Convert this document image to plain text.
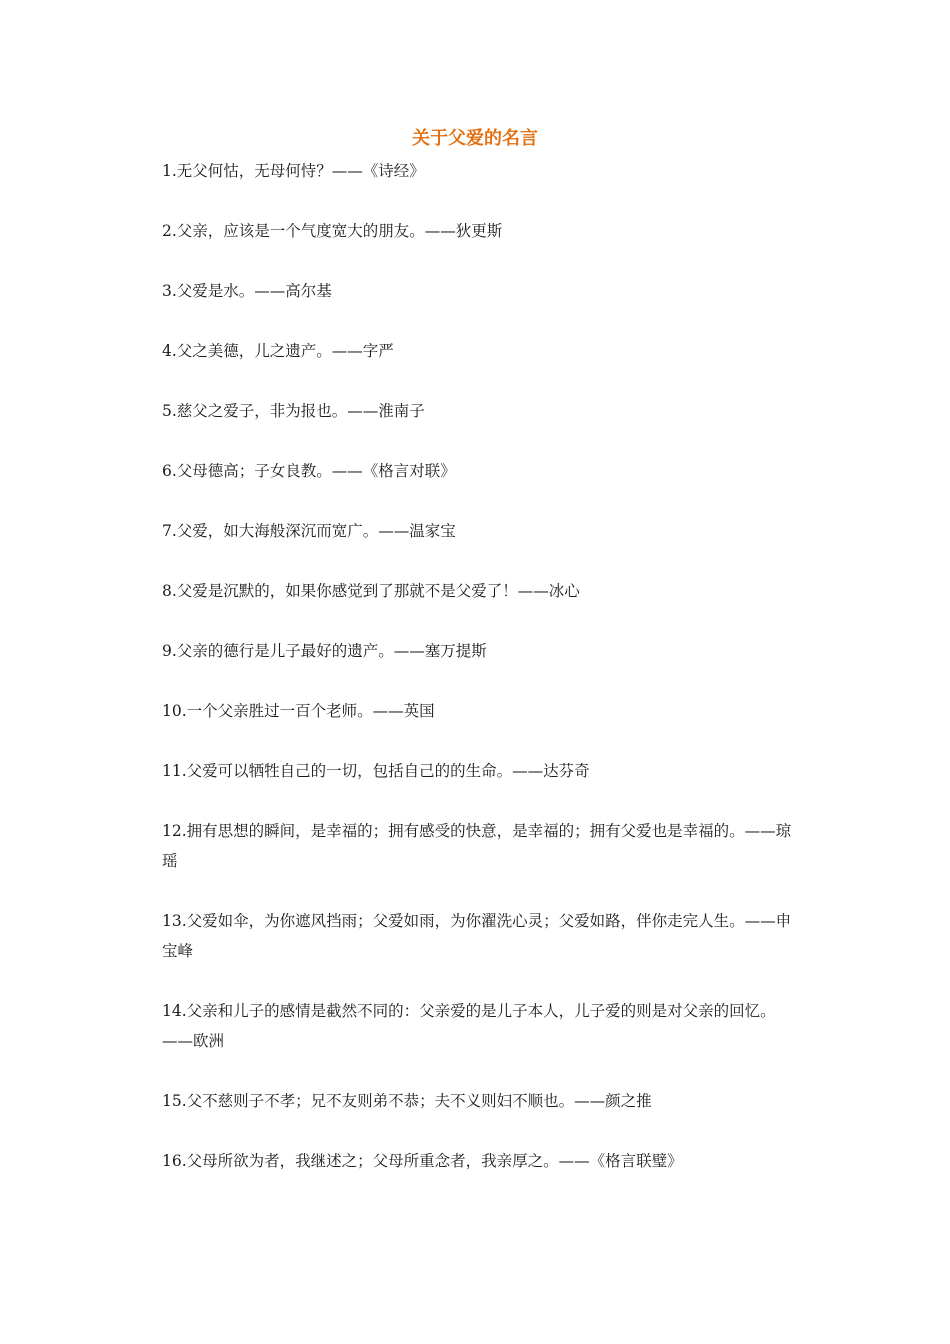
关于父爱的名言
1.无父何怙，无母何恃？——《诗经》
2.父亲，应该是一个气度宽大的朋友。——狄更斯
3.父爱是水。——高尔基
4.父之美德，儿之遗产。——字严
5.慈父之爱子，非为报也。——淮南子
6.父母德高；子女良教。——《格言对联》
7.父爱，如大海般深沉而宽广。——温家宝
8.父爱是沉默的，如果你感觉到了那就不是父爱了！——冰心
9.父亲的德行是儿子最好的遗产。——塞万提斯
10.一个父亲胜过一百个老师。——英国
11.父爱可以牺牲自己的一切，包括自己的的生命。——达芬奇
12.拥有思想的瞬间，是幸福的；拥有感受的快意，是幸福的；拥有父爱也是幸福的。——琼瑶
13.父爱如伞，为你遮风挡雨；父爱如雨，为你濯洗心灵；父爱如路，伴你走完人生。——申宝峰
14.父亲和儿子的感情是截然不同的：父亲爱的是儿子本人，儿子爱的则是对父亲的回忆。——欧洲
15.父不慈则子不孝；兄不友则弟不恭；夫不义则妇不顺也。——颜之推
16.父母所欲为者，我继述之；父母所重念者，我亲厚之。——《格言联璧》
